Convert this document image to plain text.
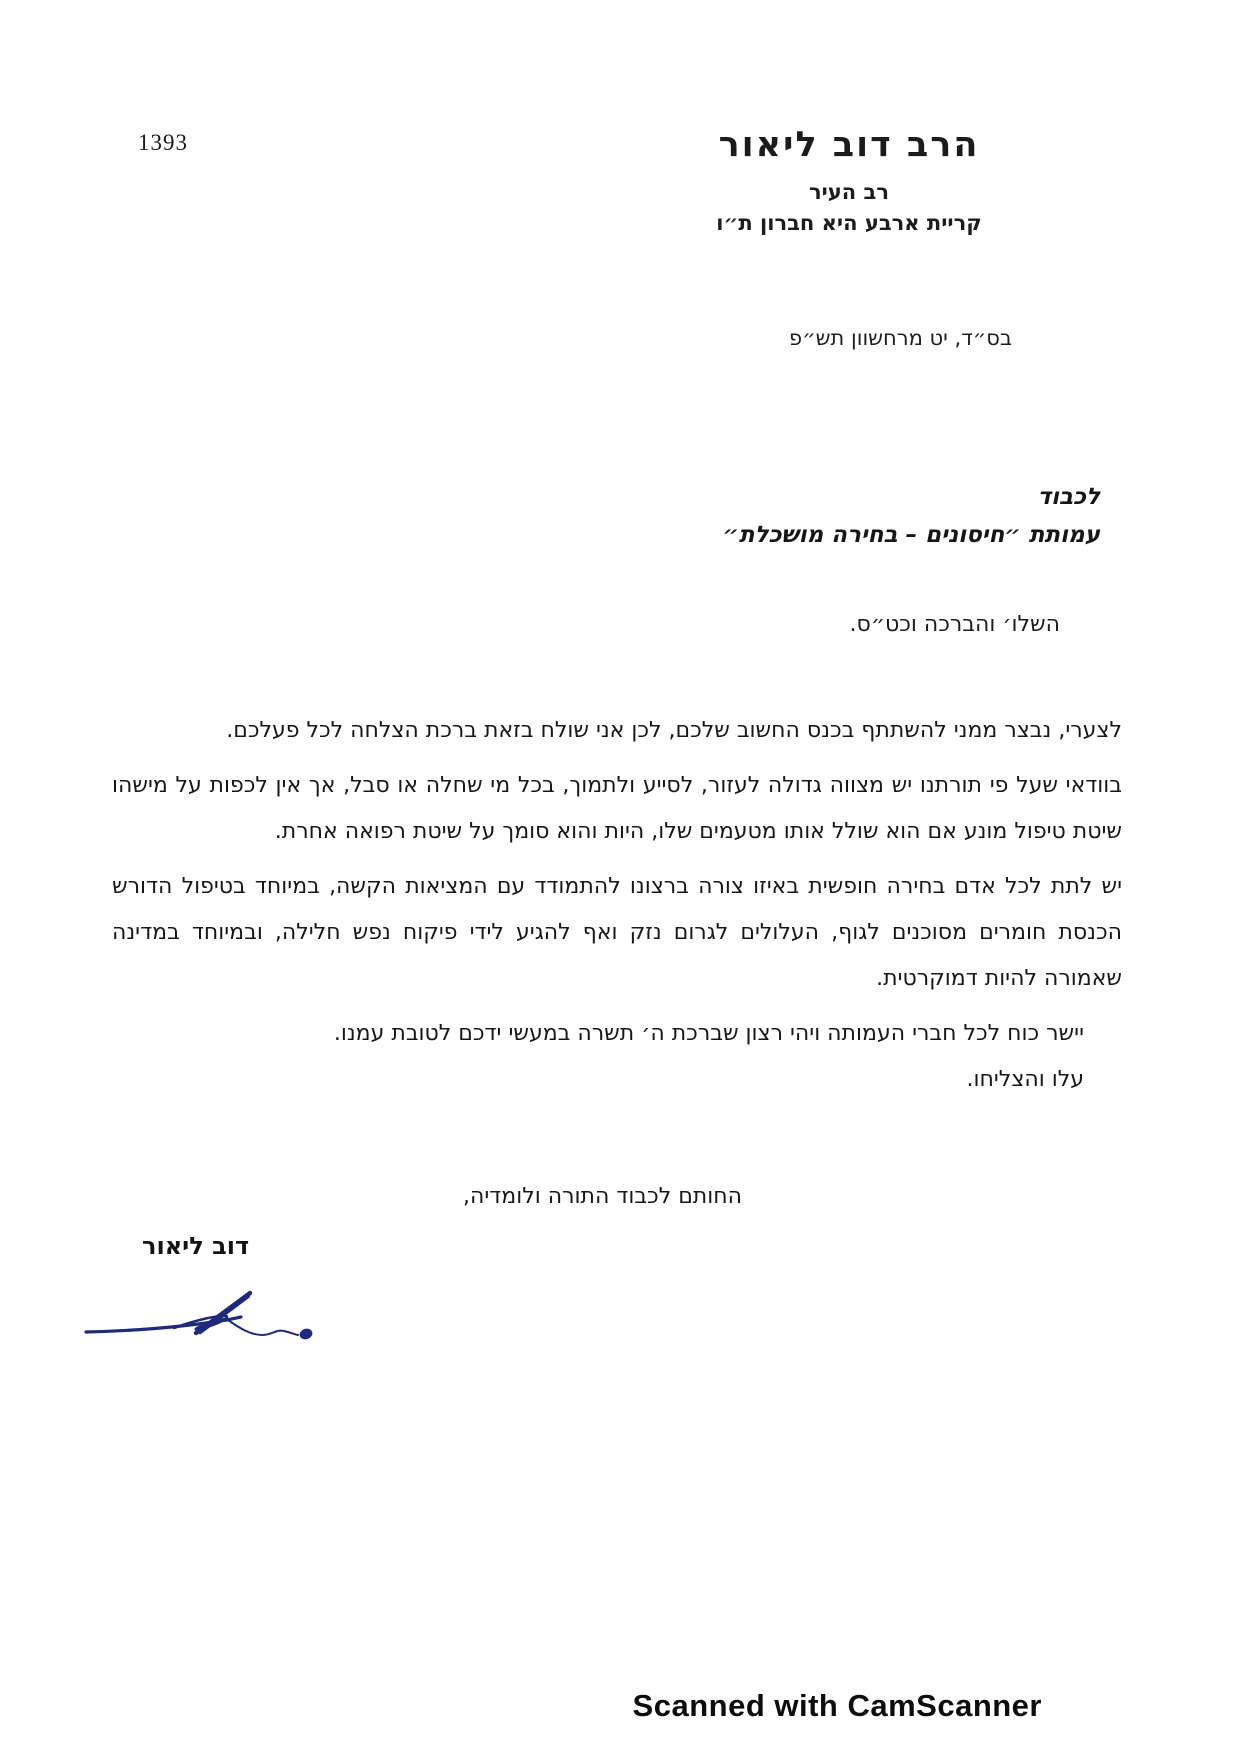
1393	הרב דוב ליאור
רב העיר
קריית ארבע היא חברון ת״ו
בס״ד, יט מרחשוון תש״פ
לכבוד
עמותת ״חיסונים – בחירה מושכלת״
השלו׳ והברכה וכט״ס.

לצערי, נבצר ממני להשתתף בכנס החשוב שלכם, לכן אני שולח בזאת ברכת הצלחה לכל פעלכם.

בוודאי שעל פי תורתנו יש מצווה גדולה לעזור, לסייע ולתמוך, בכל מי שחלה או סבל, אך אין לכפות על מישהו שיטת טיפול מונע אם הוא שולל אותו מטעמים שלו, היות והוא סומך על שיטת רפואה אחרת.

יש לתת לכל אדם בחירה חופשית באיזו צורה ברצונו להתמודד עם המציאות הקשה, במיוחד בטיפול הדורש הכנסת חומרים מסוכנים לגוף, העלולים לגרום נזק ואף להגיע לידי פיקוח נפש חלילה, ובמיוחד במדינה שאמורה להיות דמוקרטית.

יישר כוח לכל חברי העמותה ויהי רצון שברכת ה׳ תשרה במעשי ידכם לטובת עמנו.

עלו והצליחו.

החותם לכבוד התורה ולומדיה,
דוב ליאור
Scanned with CamScanner
